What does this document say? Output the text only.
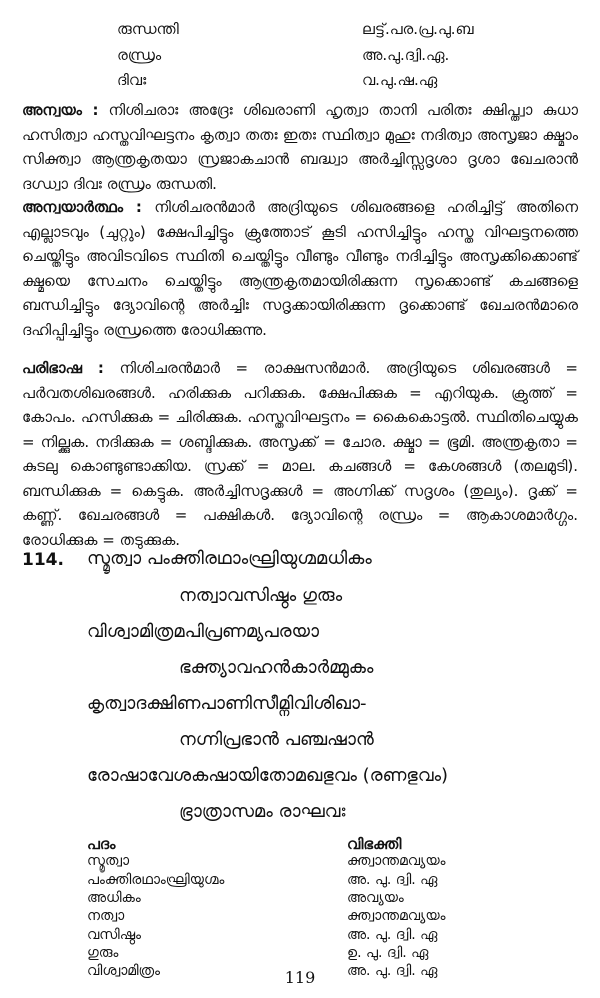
രുന്ധന്തി	ലട്ട്.പര.പ്ര.പു.ബ
രന്ധ്രം	അ.പു.ദ്വി.ഏ.
ദിവഃ	വ.പു.ഷ.ഏ
അന്വയം : നിശിചരാഃ അദ്രേഃ ശിഖരാണി ഹൃത്വാ താനി പരിതഃ ക്ഷിപ്ത്വാ കുധാ ഹസിത്വാ ഹസ്തവിഘട്ടനം കൃത്വാ തതഃ ഇതഃ സ്ഥിത്വാ മുഹുഃ നദിത്വാ അസൃജാ ക്ഷ്മാം സിക്ത്വാ ആന്ത്രകൃതയാ സ്രജാകചാൻ ബദ്ധ്വാ അർച്ചിസ്സദൃശാ ദൃശാ ഖേചരാൻ ദഗ്ധ്വാ ദിവഃ രന്ധ്രം രുന്ധതി.
അന്വയാർത്ഥം : നിശിചരൻമാർ അദ്രിയുടെ ശിഖരങ്ങളെ ഹരിച്ചിട്ട് അതിനെ എല്ലാടവും (ചുറ്റും) ക്ഷേപിച്ചിട്ടും ക്രുത്തോട് കൂടി ഹസിച്ചിട്ടും ഹസ്ത വിഘട്ടനത്തെ ചെയ്തിട്ടും അവിടവിടെ സ്ഥിതി ചെയ്തിട്ടും വീണ്ടും വീണ്ടും നദിച്ചിട്ടും അസൃക്കിക്കൊണ്ട് ക്ഷ്മയെ സേചനം ചെയ്തിട്ടും ആന്ത്രകൃതമായിരിക്കുന്ന സൃക്കൊണ്ട് കചങ്ങളെ ബന്ധിച്ചിട്ടും ദ്യോവിന്റെ അർച്ചിഃ സദൃക്കായിരിക്കുന്ന ദൃക്കൊണ്ട് ഖേചരൻമാരെ ദഹിപ്പിച്ചിട്ടും രന്ധ്രത്തെ രോധിക്കുന്നു.
പരിഭാഷ : നിശിചരൻമാർ = രാക്ഷസൻമാർ. അദ്രിയുടെ ശിഖരങ്ങൾ = പർവതശിഖരങ്ങൾ. ഹരിക്കുക പറിക്കുക. ക്ഷേപിക്കുക = എറിയുക. ക്രുത്ത് = കോപം. ഹസിക്കുക = ചിരിക്കുക. ഹസ്തവിഘട്ടനം = കൈകൊട്ടൽ. സ്ഥിതിചെയ്യുക = നില്ക്കുക. നദിക്കുക = ശബ്ദിക്കുക. അസൃക്ക് = ചോര. ക്ഷ്മാ = ഭൂമി. അന്ത്രകൃതാ = കുടലു കൊണ്ടുണ്ടാക്കിയ. സ്രക്ക് = മാല. കചങ്ങൾ = കേശങ്ങൾ (തലമുടി). ബന്ധിക്കുക = കെട്ടുക. അർച്ചിസദൃക്കുൾ = അഗ്നിക്ക് സദൃശം (തുല്യം). ദൃക്ക് = കണ്ണ്. ഖേചരങ്ങൾ = പക്ഷികൾ. ദ്യോവിന്റെ രന്ധ്രം = ആകാശമാർഗ്ഗം. രോധിക്കുക = തടുക്കുക.
114. സ്മൃത്വാ പംക്തിരഥാംഘ്രിയുഗ്മമധികം
നത്വാവസിഷ്ഠം ഗുരും
വിശ്വാമിത്രമപിപ്രണമ്യപരയാ
ഭക്ത്യാവഹൻകാർമ്മുകം
കൃത്വാദക്ഷിണപാണിസീമ്നിവിശിഖാ-
നഗ്നിപ്രഭാൻ പഞ്ചഷാൻ
രോഷാവേശകഷായിതോമഖഭുവം (രണഭുവം)
ഭ്രാത്രാസമം രാഘവഃ
പദം	വിഭക്തി
സ്മൃത്വാ	ക്ത്വാന്തമവ്യയം
പംക്തിരഥാംഘ്രിയുഗ്മം	അ. പു. ദ്വി. ഏ
അധികം	അവ്യയം
നത്വാ	ക്ത്വാന്തമവ്യയം
വസിഷ്ഠം	അ. പു. ദ്വി. ഏ
ഗുരും	ഉ. പു. ദ്വി. ഏ
വിശ്വാമിത്രം	അ. പു. ദ്വി. ഏ
119
